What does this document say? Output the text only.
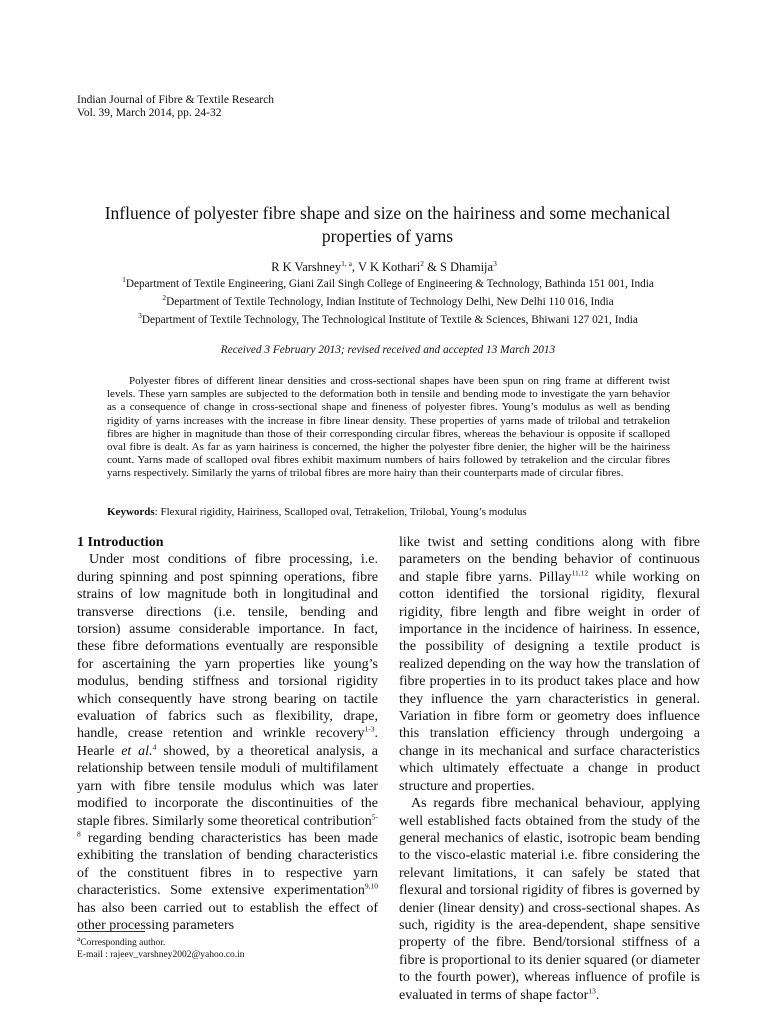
Indian Journal of Fibre & Textile Research
Vol. 39, March 2014, pp. 24-32
Influence of polyester fibre shape and size on the hairiness and some mechanical properties of yarns
R K Varshney$^{1, a}$, V K Kothari$^2$ & S Dhamija$^3$
$^1$Department of Textile Engineering, Giani Zail Singh College of Engineering & Technology, Bathinda 151 001, India
$^2$Department of Textile Technology, Indian Institute of Technology Delhi, New Delhi 110 016, India
$^3$Department of Textile Technology, The Technological Institute of Textile & Sciences, Bhiwani 127 021, India
Received 3 February 2013; revised received and accepted 13 March 2013
Polyester fibres of different linear densities and cross-sectional shapes have been spun on ring frame at different twist levels. These yarn samples are subjected to the deformation both in tensile and bending mode to investigate the yarn behavior as a consequence of change in cross-sectional shape and fineness of polyester fibres. Young’s modulus as well as bending rigidity of yarns increases with the increase in fibre linear density. These properties of yarns made of trilobal and tetrakelion fibres are higher in magnitude than those of their corresponding circular fibres, whereas the behaviour is opposite if scalloped oval fibre is dealt. As far as yarn hairiness is concerned, the higher the polyester fibre denier, the higher will be the hairiness count. Yarns made of scalloped oval fibres exhibit maximum numbers of hairs followed by tetrakelion and the circular fibres yarns respectively. Similarly the yarns of trilobal fibres are more hairy than their counterparts made of circular fibres.
Keywords: Flexural rigidity, Hairiness, Scalloped oval, Tetrakelion, Trilobal, Young’s modulus
1 Introduction

Under most conditions of fibre processing, i.e. during spinning and post spinning operations, fibre strains of low magnitude both in longitudinal and transverse directions (i.e. tensile, bending and torsion) assume considerable importance. In fact, these fibre deformations eventually are responsible for ascertaining the yarn properties like young’s modulus, bending stiffness and torsional rigidity which consequently have strong bearing on tactile evaluation of fabrics such as flexibility, drape, handle, crease retention and wrinkle recovery$^{1-3}$. Hearle et al.$^4$ showed, by a theoretical analysis, a relationship between tensile moduli of multifilament yarn with fibre tensile modulus which was later modified to incorporate the discontinuities of the staple fibres. Similarly some theoretical contribution$^{5-8}$ regarding bending characteristics has been made exhibiting the translation of bending characteristics of the constituent fibres in to respective yarn characteristics. Some extensive experimentation$^{9,10}$ has also been carried out to establish the effect of other processing parameters

like twist and setting conditions along with fibre parameters on the bending behavior of continuous and staple fibre yarns. Pillay$^{11,12}$ while working on cotton identified the torsional rigidity, flexural rigidity, fibre length and fibre weight in order of importance in the incidence of hairiness. In essence, the possibility of designing a textile product is realized depending on the way how the translation of fibre properties in to its product takes place and how they influence the yarn characteristics in general. Variation in fibre form or geometry does influence this translation efficiency through undergoing a change in its mechanical and surface characteristics which ultimately effectuate a change in product structure and properties.

As regards fibre mechanical behaviour, applying well established facts obtained from the study of the general mechanics of elastic, isotropic beam bending to the visco-elastic material i.e. fibre considering the relevant limitations, it can safely be stated that flexural and torsional rigidity of fibres is governed by denier (linear density) and cross-sectional shapes. As such, rigidity is the area-dependent, shape sensitive property of the fibre. Bend/torsional stiffness of a fibre is proportional to its denier squared (or diameter to the fourth power), whereas influence of profile is evaluated in terms of shape factor$^{13}$.

$^a$Corresponding author.
E-mail : rajeev_varshney2002@yahoo.co.in
